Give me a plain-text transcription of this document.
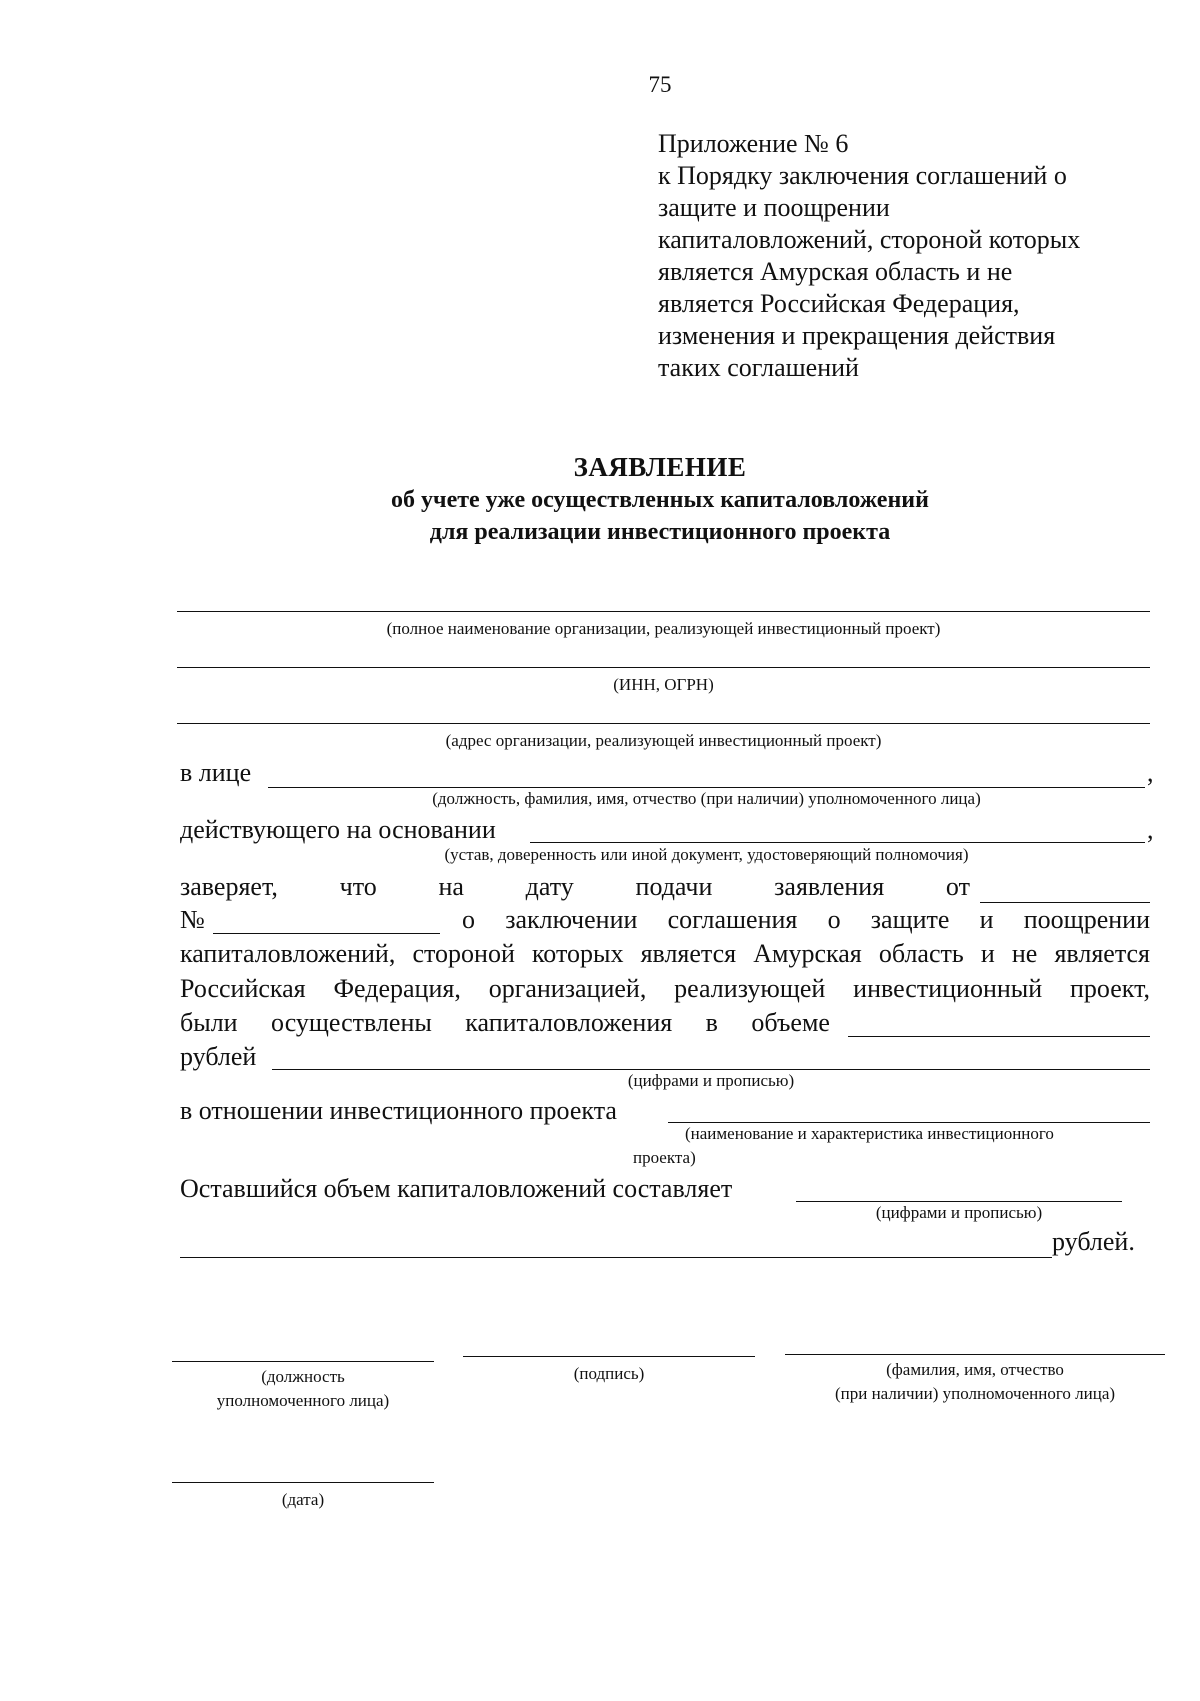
75
Приложение № 6
к Порядку заключения соглашений о
защите и поощрении
капиталовложений, стороной которых
является Амурская область и не
является Российская Федерация,
изменения и прекращения действия
таких соглашений
ЗАЯВЛЕНИЕ
об учете уже осуществленных капиталовложений
для реализации инвестиционного проекта
(полное наименование организации, реализующей инвестиционный проект)
(ИНН, ОГРН)
(адрес организации, реализующей инвестиционный проект)
в лице	,
(должность, фамилия, имя, отчество (при наличии) уполномоченного лица)
действующего на основании	,
(устав, доверенность или иной документ, удостоверяющий полномочия)
заверяет, что на дату подачи заявления от
№	о заключении соглашения о защите и поощрении
капиталовложений, стороной которых является Амурская область и не является
Российская Федерация, организацией, реализующей инвестиционный проект,
были осуществлены капиталовложения в объеме
рублей
(цифрами и прописью)
в отношении инвестиционного проекта
(наименование и характеристика инвестиционного
проекта)
Оставшийся объем капиталовложений составляет
(цифрами и прописью)
рублей.
(должность
уполномоченного лица)
(подпись)	(фамилия, имя, отчество
(при наличии) уполномоченного лица)
(дата)
